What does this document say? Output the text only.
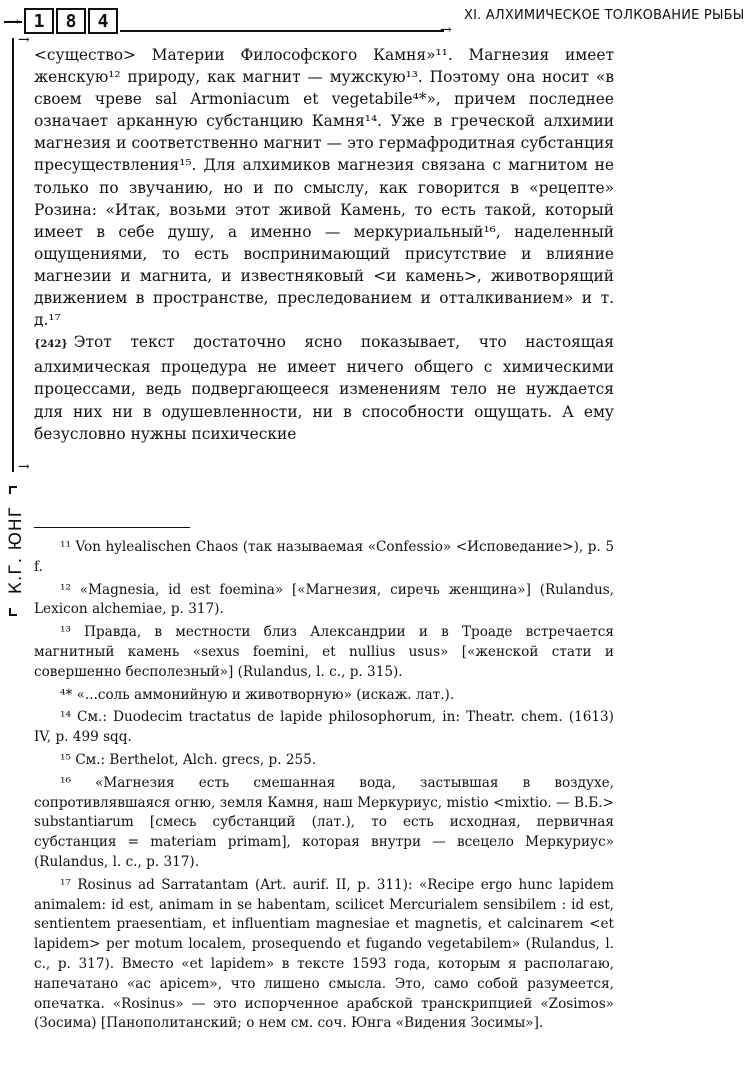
1	8	4	→
XI. АЛХИМИЧЕСКОЕ ТОЛКОВАНИЕ РЫБЫ
→
→
К.Г. ЮНГ

<существо> Материи Философского Камня»¹¹. Магнезия имеет женскую¹² природу, как магнит — мужскую¹³. Поэтому она носит «в своем чреве sal Armoniacum et vegetabile⁴*», причем последнее означает арканную субстанцию Камня¹⁴. Уже в греческой алхимии магнезия и соответственно магнит — это гермафродитная субстанция пресуществления¹⁵. Для алхимиков магнезия связана с магнитом не только по звучанию, но и по смыслу, как говорится в «рецепте» Розина: «Итак, возьми этот живой Камень, то есть такой, который имеет в себе душу, а именно — меркуриальный¹⁶, наделенный ощущениями, то есть воспринимающий присутствие и влияние магнезии и магнита, и известняковый <и камень>, животворящий движением в пространстве, преследованием и отталкиванием» и т. д.¹⁷

{242} Этот текст достаточно ясно показывает, что настоящая алхимическая процедура не имеет ничего общего с химическими процессами, ведь подвергающееся изменениям тело не нуждается для них ни в одушевленности, ни в способности ощущать. А ему безусловно нужны психические

¹¹ Von hylealischen Chaos (так называемая «Confessio» <Исповедание>), p. 5 f.

¹² «Magnesia, id est foemina» [«Магнезия, сиречь женщина»] (Rulandus, Lexicon alchemiae, p. 317).

¹³ Правда, в местности близ Александрии и в Троаде встречается магнитный камень «sexus foemini, et nullius usus» [«женской стати и совершенно бесполезный»] (Rulandus, l. c., p. 315).

⁴* «...соль аммонийную и животворную» (искаж. лат.).

¹⁴ См.: Duodecim tractatus de lapide philosophorum, in: Theatr. chem. (1613) IV, p. 499 sqq.

¹⁵ См.: Berthelot, Alch. grecs, p. 255.

¹⁶ «Магнезия есть смешанная вода, застывшая в воздухе, сопротивлявшаяся огню, земля Камня, наш Меркуриус, mistio <mixtio. — В.Б.> substantiarum [смесь субстанций (лат.), то есть исходная, первичная субстанция = materiam primam], которая внутри — всецело Меркуриус» (Rulandus, l. c., p. 317).

¹⁷ Rosinus ad Sarratantam (Art. aurif. II, p. 311): «Recipe ergo hunc lapidem animalem: id est, animam in se habentam, scilicet Mercurialem sensibilem : id est, sentientem praesentiam, et influentiam magnesiae et magnetis, et calcinarem <et lapidem> per motum localem, prosequendo et fugando vegetabilem» (Rulandus, l. c., p. 317). Вместо «et lapidem» в тексте 1593 года, которым я располагаю, напечатано «ac apicem», что лишено смысла. Это, само собой разумеется, опечатка. «Rosinus» — это испорченное арабской транскрипцией «Zosimos» (Зосима) [Панополитанский; о нем см. соч. Юнга «Видения Зосимы»].
